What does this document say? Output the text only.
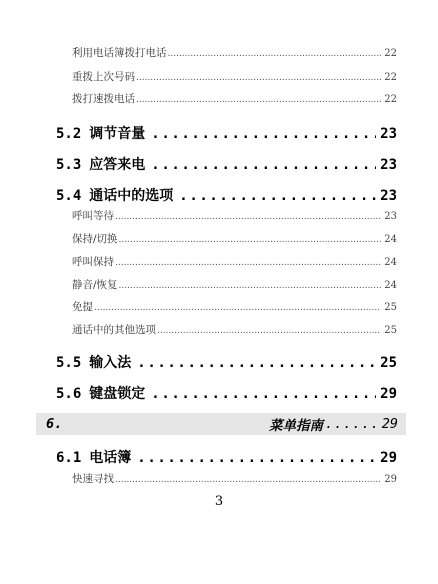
利用电话簿拨打电话 .....	22
重拨上次号码 .....	22
拨打速拨电话 .....	22
5.2 调节音量 .....	23
5.3 应答来电 .....	23
5.4 通话中的选项 .....	23
呼叫等待 .....	23
保持/切换 .....	24
呼叫保持 .....	24
静音/恢复 .....	24
免提 .....	25
通话中的其他选项 .....	25
5.5 输入法 .....	25
5.6 键盘锁定 .....	29
6.	菜单指南 ...... 29
6.1 电话簿 .....	29
快速寻找 .....	29
3
